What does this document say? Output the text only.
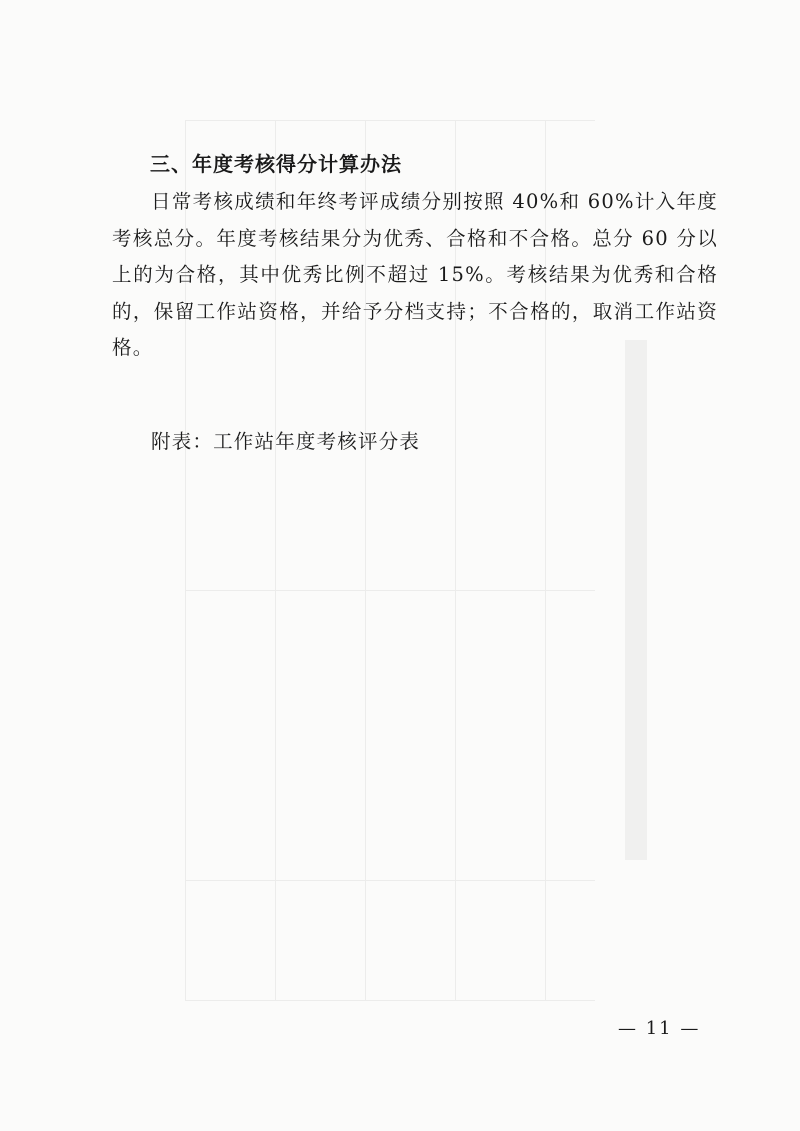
三、年度考核得分计算办法

日常考核成绩和年终考评成绩分别按照 40%和 60%计入年度考核总分。年度考核结果分为优秀、合格和不合格。总分 60 分以上的为合格，其中优秀比例不超过 15%。考核结果为优秀和合格的，保留工作站资格，并给予分档支持；不合格的，取消工作站资格。

附表：工作站年度考核评分表

— 11 —
